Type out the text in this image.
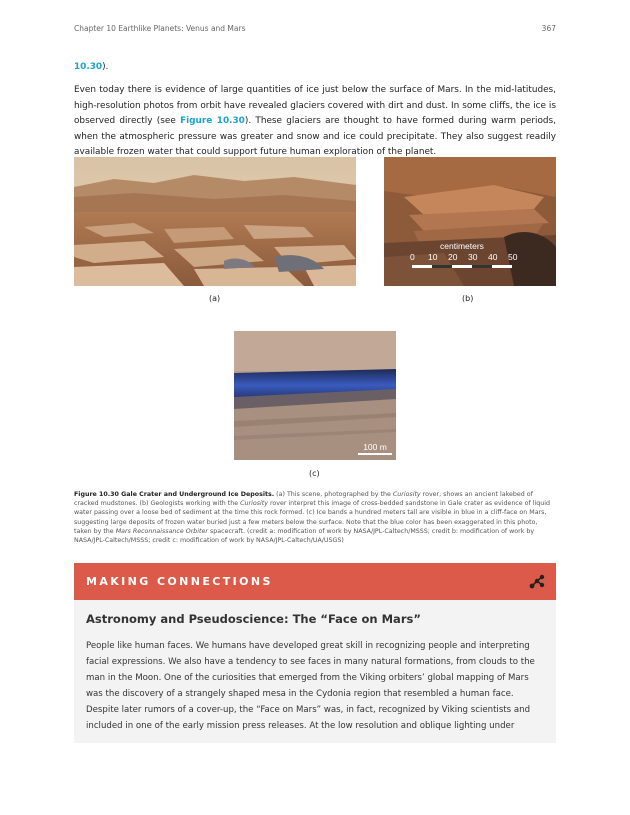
Chapter 10 Earthlike Planets: Venus and Mars	367
10.30).
Even today there is evidence of large quantities of ice just below the surface of Mars. In the mid-latitudes, high-resolution photos from orbit have revealed glaciers covered with dirt and dust. In some cliffs, the ice is observed directly (see Figure 10.30). These glaciers are thought to have formed during warm periods, when the atmospheric pressure was greater and snow and ice could precipitate. They also suggest readily available frozen water that could support future human exploration of the planet.
centimeters
0 10 20 30 40 50
(a)	(b)
100 m
(c)
Figure 10.30 Gale Crater and Underground Ice Deposits. (a) This scene, photographed by the Curiosity rover, shows an ancient lakebed of cracked mudstones. (b) Geologists working with the Curiosity rover interpret this image of cross-bedded sandstone in Gale crater as evidence of liquid water passing over a loose bed of sediment at the time this rock formed. (c) Ice bands a hundred meters tall are visible in blue in a cliff-face on Mars, suggesting large deposits of frozen water buried just a few meters below the surface. Note that the blue color has been exaggerated in this photo, taken by the Mars Reconnaissance Orbiter spacecraft. (credit a: modification of work by NASA/JPL-Caltech/MSSS; credit b: modification of work by NASA/JPL-Caltech/MSSS; credit c: modification of work by NASA/JPL-Caltech/UA/USGS)
MAKING CONNECTIONS
Astronomy and Pseudoscience: The “Face on Mars”
People like human faces. We humans have developed great skill in recognizing people and interpreting facial expressions. We also have a tendency to see faces in many natural formations, from clouds to the man in the Moon. One of the curiosities that emerged from the Viking orbiters’ global mapping of Mars was the discovery of a strangely shaped mesa in the Cydonia region that resembled a human face. Despite later rumors of a cover-up, the “Face on Mars” was, in fact, recognized by Viking scientists and included in one of the early mission press releases. At the low resolution and oblique lighting under
